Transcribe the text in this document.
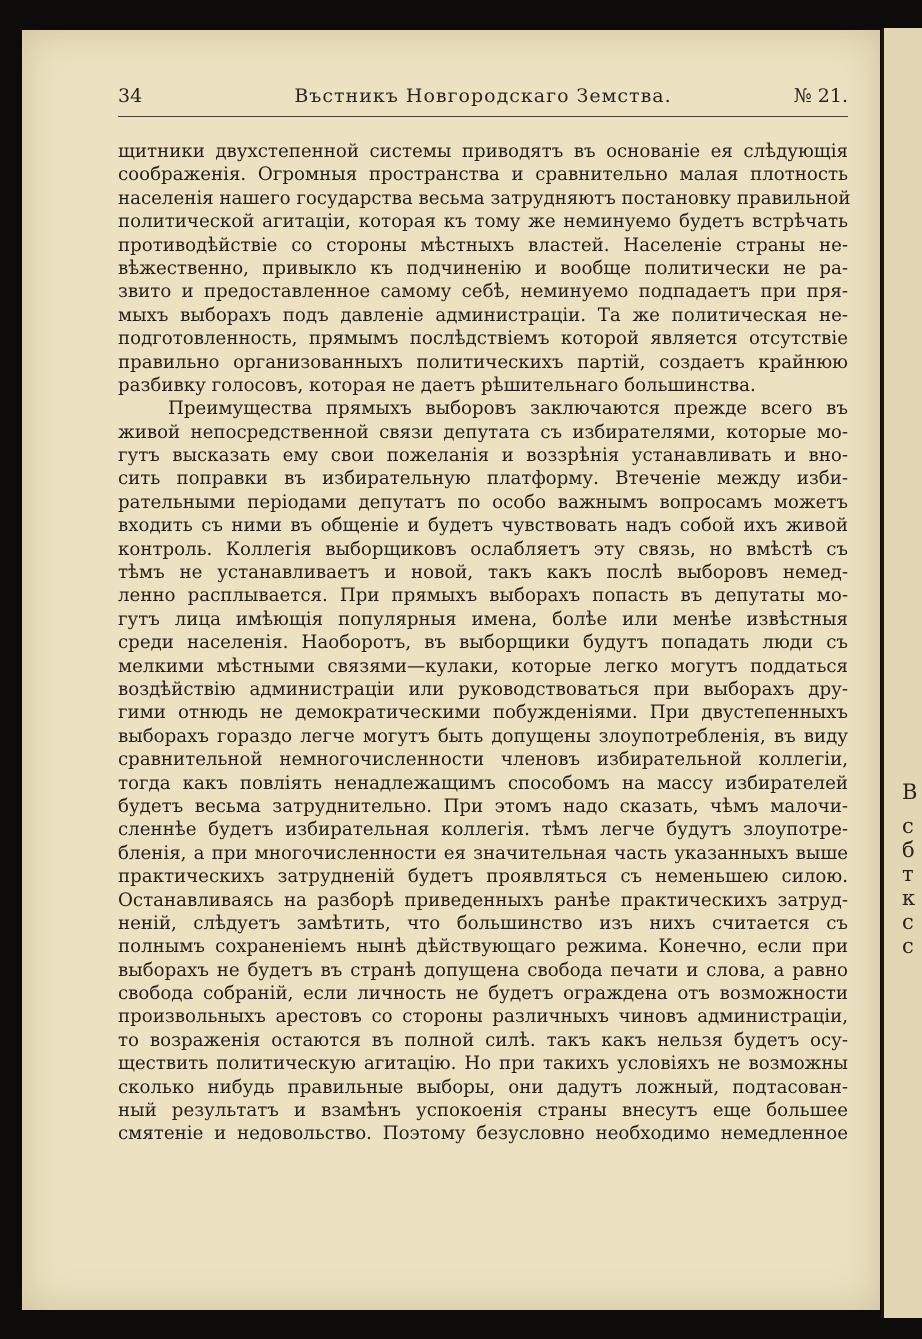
В
с
б
т
к
с
с
Въстникъ Новгородскаго Земства.
34	№ 21.
щитники двухстепенной системы приводятъ въ основаніе ея слѣдующія
соображенія. Огромныя пространства и сравнительно малая плотность
населенія нашего государства весьма затрудняютъ постановку правильной
политической агитаціи, которая къ тому же неминуемо будетъ встрѣчать
противодѣйствіе со стороны мѣстныхъ властей. Населеніе страны не-
вѣжественно, привыкло къ подчиненію и вообще политически не ра-
звито и предоставленное самому себѣ, неминуемо подпадаетъ при пря-
мыхъ выборахъ подъ давленіе администраціи. Та же политическая не-
подготовленность, прямымъ послѣдствіемъ которой является отсутствіе
правильно организованныхъ политическихъ партій, создаетъ крайнюю
разбивку голосовъ, которая не даетъ рѣшительнаго большинства.
Преимущества прямыхъ выборовъ заключаются прежде всего въ
живой непосредственной связи депутата съ избирателями, которые мо-
гутъ высказать ему свои пожеланія и воззрѣнія устанавливать и вно-
сить поправки въ избирательную платформу. Втеченіе между изби-
рательными періодами депутатъ по особо важнымъ вопросамъ можетъ
входить съ ними въ общеніе и будетъ чувствовать надъ собой ихъ живой
контроль. Коллегія выборщиковъ ослабляетъ эту связь, но вмѣстѣ съ
тѣмъ не устанавливаетъ и новой, такъ какъ послѣ выборовъ немед-
ленно расплывается. При прямыхъ выборахъ попасть въ депутаты мо-
гутъ лица имѣющія популярныя имена, болѣе или менѣе извѣстныя
среди населенія. Наоборотъ, въ выборщики будутъ попадать люди съ
мелкими мѣстными связями—кулаки, которые легко могутъ поддаться
воздѣйствію администраціи или руководствоваться при выборахъ дру-
гими отнюдь не демократическими побужденіями. При двустепенныхъ
выборахъ гораздо легче могутъ быть допущены злоупотребленія, въ виду
сравнительной немногочисленности членовъ избирательной коллегіи,
тогда какъ повліять ненадлежащимъ способомъ на массу избирателей
будетъ весьма затруднительно. При этомъ надо сказать, чѣмъ малочи-
сленнѣе будетъ избирательная коллегія. тѣмъ легче будутъ злоупотре-
бленія, а при многочисленности ея значительная часть указанныхъ выше
практическихъ затрудненій будетъ проявляться съ неменьшею силою.
Останавливаясь на разборѣ приведенныхъ ранѣе практическихъ затруд-
неній, слѣдуетъ замѣтить, что большинство изъ нихъ считается съ
полнымъ сохраненіемъ нынѣ дѣйствующаго режима. Конечно, если при
выборахъ не будетъ въ странѣ допущена свобода печати и слова, а равно
свобода собраній, если личность не будетъ ограждена отъ возможности
произвольныхъ арестовъ со стороны различныхъ чиновъ администраціи,
то возраженія остаются въ полной силѣ. такъ какъ нельзя будетъ осу-
ществить политическую агитацію. Но при такихъ условіяхъ не возможны
сколько нибудь правильные выборы, они дадутъ ложный, подтасован-
ный результатъ и взамѣнъ успокоенія страны внесутъ еще большее
смятеніе и недовольство. Поэтому безусловно необходимо немедленное
